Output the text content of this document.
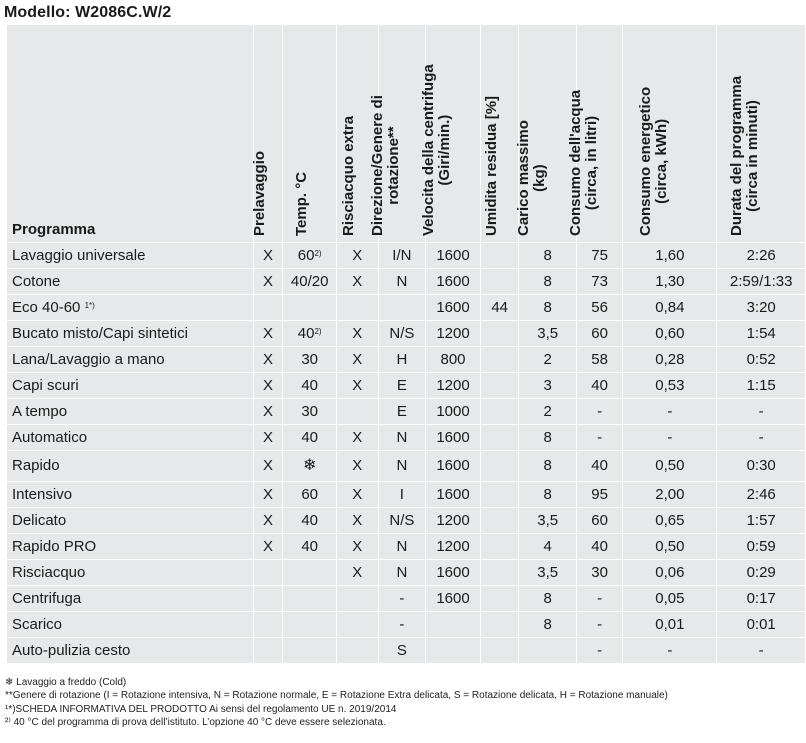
Modello: W2086C.W/2
Programma	Prelavaggio	Temp. °C	Risciacquo extra	Direzione/Genere di rotazione**	Velocita della centrifuga (Giri/min.)	Umidita residua [%]	Carico massimo (kg)	Consumo dell'acqua (circa, in litri)	Consumo energetico (circa, kWh)	Durata del programma (circa in minuti)

Lavaggio universale	X	60$^{2)}$	X	I/N	1600		8	75	1,60	2:26
Cotone	X	40/20	X	N	1600		8	73	1,30	2:59/1:33
Eco 40-60 $^{1*)}$					1600	44	8	56	0,84	3:20
Bucato misto/Capi sintetici	X	40$^{2)}$	X	N/S	1200		3,5	60	0,60	1:54
Lana/Lavaggio a mano	X	30	X	H	800		2	58	0,28	0:52
Capi scuri	X	40	X	E	1200		3	40	0,53	1:15
A tempo	X	30		E	1000		2	-	-	-
Automatico	X	40	X	N	1600		8	-	-	-
Rapido	X	❄	X	N	1600		8	40	0,50	0:30
Intensivo	X	60	X	I	1600		8	95	2,00	2:46
Delicato	X	40	X	N/S	1200		3,5	60	0,65	1:57
Rapido PRO	X	40	X	N	1200		4	40	0,50	0:59
Risciacquo			X	N	1600		3,5	30	0,06	0:29
Centrifuga				-	1600		8	-	0,05	0:17
Scarico				-			8	-	0,01	0:01
Auto-pulizia cesto				S				-	-	-
❄ Lavaggio a freddo (Cold)
**Genere di rotazione (I = Rotazione intensiva, N = Rotazione normale, E = Rotazione Extra delicata, S = Rotazione delicata, H = Rotazione manuale)
¹*)SCHEDA INFORMATIVA DEL PRODOTTO Ai sensi del regolamento UE n. 2019/2014
²⁾ 40 °C del programma di prova dell’istituto. L’opzione 40 °C deve essere selezionata.
